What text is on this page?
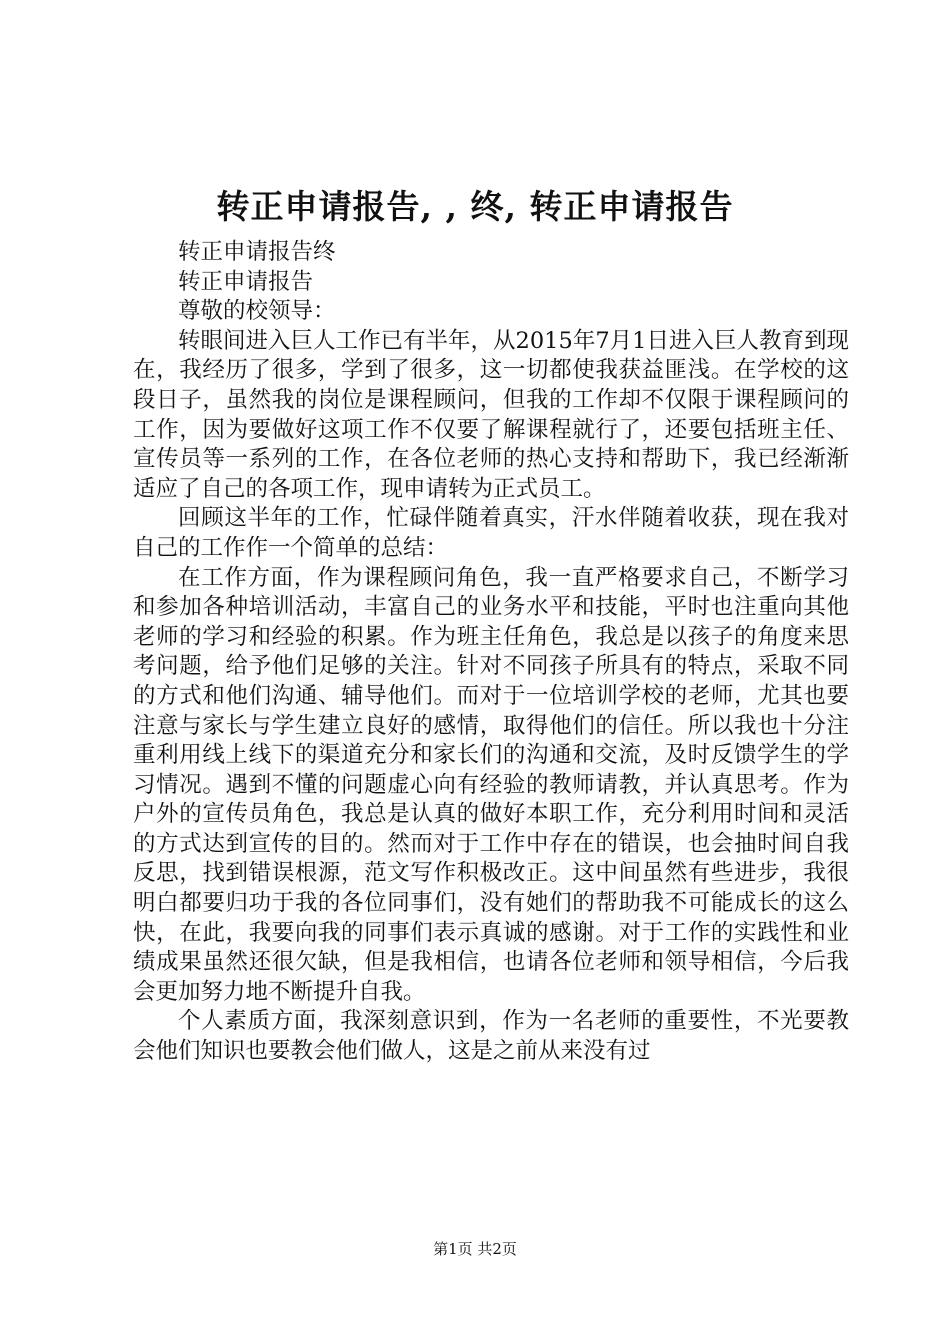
转正申请报告, , 终, 转正申请报告

转正申请报告终

转正申请报告

尊敬的校领导：

转眼间进入巨人工作已有半年，从2015年7月1日进入巨人教育到现在，我经历了很多，学到了很多，这一切都使我获益匪浅。在学校的这段日子，虽然我的岗位是课程顾问，但我的工作却不仅限于课程顾问的工作，因为要做好这项工作不仅要了解课程就行了，还要包括班主任、宣传员等一系列的工作，在各位老师的热心支持和帮助下，我已经渐渐适应了自己的各项工作，现申请转为正式员工。

回顾这半年的工作，忙碌伴随着真实，汗水伴随着收获，现在我对自己的工作作一个简单的总结：

在工作方面，作为课程顾问角色，我一直严格要求自己，不断学习和参加各种培训活动，丰富自己的业务水平和技能，平时也注重向其他老师的学习和经验的积累。作为班主任角色，我总是以孩子的角度来思考问题，给予他们足够的关注。针对不同孩子所具有的特点，采取不同的方式和他们沟通、辅导他们。而对于一位培训学校的老师，尤其也要注意与家长与学生建立良好的感情，取得他们的信任。所以我也十分注重利用线上线下的渠道充分和家长们的沟通和交流，及时反馈学生的学习情况。遇到不懂的问题虚心向有经验的教师请教，并认真思考。作为户外的宣传员角色，我总是认真的做好本职工作，充分利用时间和灵活的方式达到宣传的目的。然而对于工作中存在的错误，也会抽时间自我反思，找到错误根源，范文写作积极改正。这中间虽然有些进步，我很明白都要归功于我的各位同事们，没有她们的帮助我不可能成长的这么快，在此，我要向我的同事们表示真诚的感谢。对于工作的实践性和业绩成果虽然还很欠缺，但是我相信，也请各位老师和领导相信，今后我会更加努力地不断提升自我。

个人素质方面，我深刻意识到，作为一名老师的重要性，不光要教会他们知识也要教会他们做人，这是之前从来没有过

第1页 共2页
